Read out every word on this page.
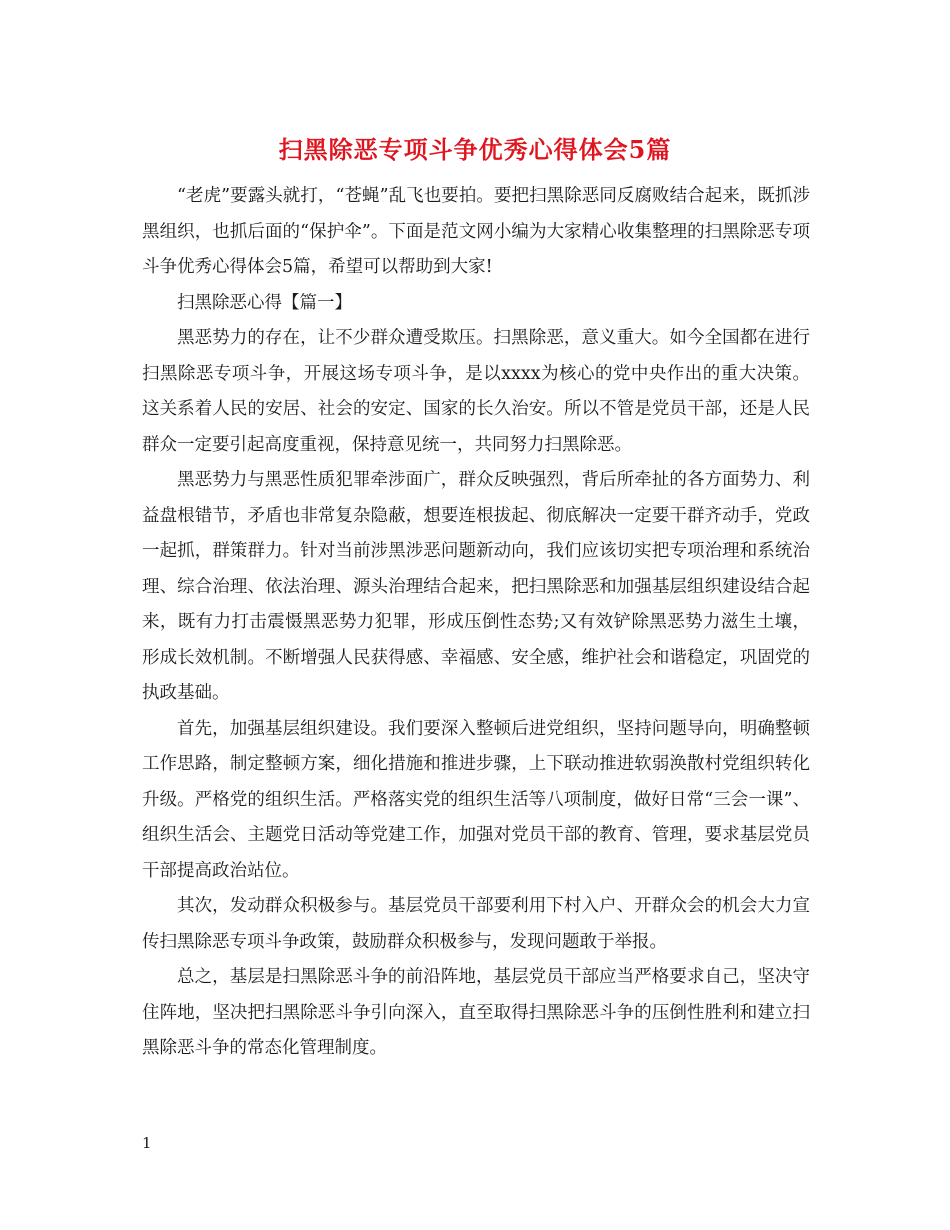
扫黑除恶专项斗争优秀心得体会5篇

“老虎”要露头就打，“苍蝇”乱飞也要拍。要把扫黑除恶同反腐败结合起来，既抓涉黑组织，也抓后面的“保护伞”。下面是范文网小编为大家精心收集整理的扫黑除恶专项斗争优秀心得体会5篇，希望可以帮助到大家!

扫黑除恶心得【篇一】

黑恶势力的存在，让不少群众遭受欺压。扫黑除恶，意义重大。如今全国都在进行扫黑除恶专项斗争，开展这场专项斗争，是以xxxx为核心的党中央作出的重大决策。这关系着人民的安居、社会的安定、国家的长久治安。所以不管是党员干部，还是人民群众一定要引起高度重视，保持意见统一，共同努力扫黑除恶。

黑恶势力与黑恶性质犯罪牵涉面广，群众反映强烈，背后所牵扯的各方面势力、利益盘根错节，矛盾也非常复杂隐蔽，想要连根拔起、彻底解决一定要干群齐动手，党政一起抓，群策群力。针对当前涉黑涉恶问题新动向，我们应该切实把专项治理和系统治理、综合治理、依法治理、源头治理结合起来，把扫黑除恶和加强基层组织建设结合起来，既有力打击震慑黑恶势力犯罪，形成压倒性态势;又有效铲除黑恶势力滋生土壤，形成长效机制。不断增强人民获得感、幸福感、安全感，维护社会和谐稳定，巩固党的执政基础。

首先，加强基层组织建设。我们要深入整顿后进党组织，坚持问题导向，明确整顿工作思路，制定整顿方案，细化措施和推进步骤，上下联动推进软弱涣散村党组织转化升级。严格党的组织生活。严格落实党的组织生活等八项制度，做好日常“三会一课”、组织生活会、主题党日活动等党建工作，加强对党员干部的教育、管理，要求基层党员干部提高政治站位。

其次，发动群众积极参与。基层党员干部要利用下村入户、开群众会的机会大力宣传扫黑除恶专项斗争政策，鼓励群众积极参与，发现问题敢于举报。

总之，基层是扫黑除恶斗争的前沿阵地，基层党员干部应当严格要求自己，坚决守住阵地，坚决把扫黑除恶斗争引向深入，直至取得扫黑除恶斗争的压倒性胜利和建立扫黑除恶斗争的常态化管理制度。

1
